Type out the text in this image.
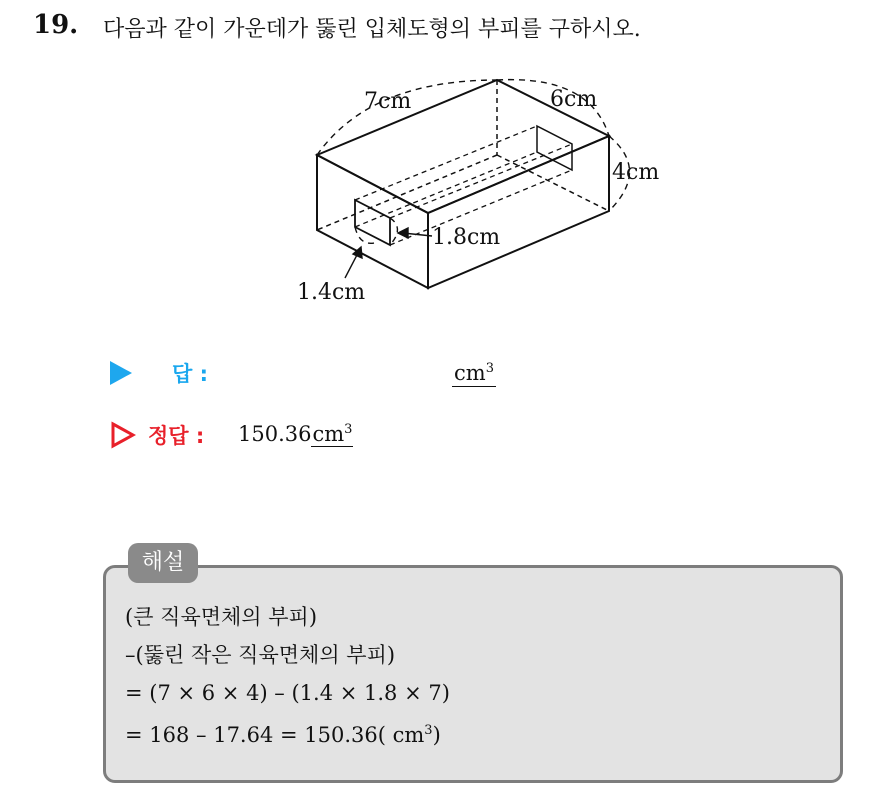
19. 다음과 같이 가운데가 뚫린 입체도형의 부피를 구하시오.
7cm	6cm
4cm
1.8cm
1.4cm
답 :	$cm^3$
정답 : $150.36cm^3$
해설
(큰 직육면체의 부피)
–(뚫린 작은 직육면체의 부피)
= (7 × 6 × 4) – (1.4 × 1.8 × 7)
= 168 – 17.64 = 150.36( $cm^3$)
